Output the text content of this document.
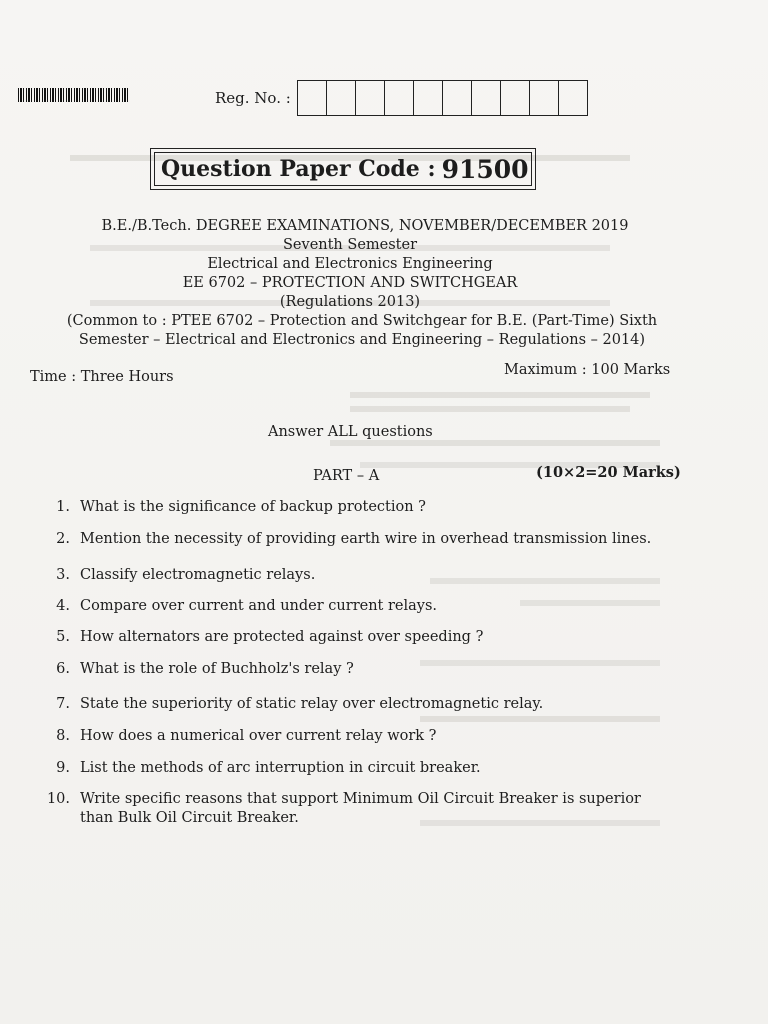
Reg. No. :
Question Paper Code : 91500
B.E./B.Tech. DEGREE EXAMINATIONS, NOVEMBER/DECEMBER 2019
Seventh Semester
Electrical and Electronics Engineering
EE 6702 – PROTECTION AND SWITCHGEAR
(Regulations 2013)
(Common to : PTEE 6702 – Protection and Switchgear for B.E. (Part-Time) Sixth
Semester – Electrical and Electronics and Engineering – Regulations – 2014)
Time : Three Hours	Maximum : 100 Marks
Answer ALL questions
PART – A	(10×2=20 Marks)
1. What is the significance of backup protection ?
2. Mention the necessity of providing earth wire in overhead transmission lines.
3. Classify electromagnetic relays.
4. Compare over current and under current relays.
5. How alternators are protected against over speeding ?
6. What is the role of Buchholz's relay ?
7. State the superiority of static relay over electromagnetic relay.
8. How does a numerical over current relay work ?
9. List the methods of arc interruption in circuit breaker.
10. Write specific reasons that support Minimum Oil Circuit Breaker is superior than Bulk Oil Circuit Breaker.
